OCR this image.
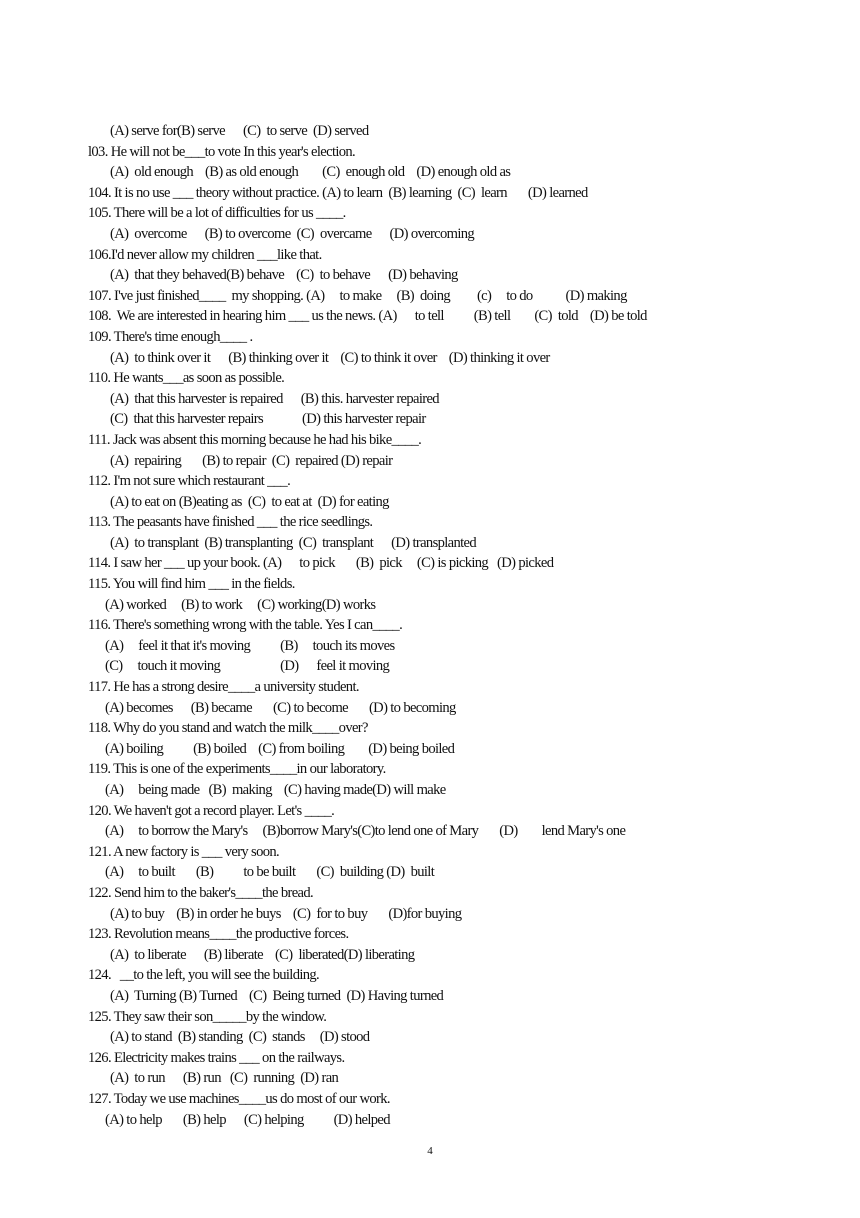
(A) serve for(B) serve      (C)  to serve  (D) served
l03. He will not be___to vote In this year's election.
(A)  old enough    (B) as old enough        (C)  enough old    (D) enough old as
104. It is no use ___ theory without practice. (A) to learn  (B) learning  (C)  learn       (D) learned
105. There will be a lot of difficulties for us ____.
(A)  overcome      (B) to overcome  (C)  overcame      (D) overcoming
106.I'd never allow my children ___like that.
(A)  that they behaved(B) behave    (C)  to behave      (D) behaving
107. I've just finished____  my shopping. (A)     to make     (B)  doing         (c)     to do           (D) making
108.  We are interested in hearing him ___ us the news. (A)      to tell          (B) tell        (C)  told    (D) be told
109. There's time enough____ .
(A)  to think over it      (B) thinking over it    (C) to think it over    (D) thinking it over
110. He wants___as soon as possible.
(A)  that this harvester is repaired      (B) this. harvester repaired
(C)  that this harvester repairs             (D) this harvester repair
111. Jack was absent this morning because he had his bike____.
(A)  repairing       (B) to repair  (C)  repaired (D) repair
112. I'm not sure which restaurant ___.
(A) to eat on (B)eating as  (C)  to eat at  (D) for eating
113. The peasants have finished ___ the rice seedlings.
(A)  to transplant  (B) transplanting  (C)  transplant      (D) transplanted
114. I saw her ___ up your book. (A)      to pick       (B)  pick     (C) is picking   (D) picked
115. You will find him ___ in the fields.
(A) worked     (B) to work     (C) working(D) works
116. There's something wrong with the table. Yes I can____.
(A)     feel it that it's moving          (B)     touch its moves
(C)     touch it moving                    (D)      feel it moving
117. He has a strong desire____a university student.
(A) becomes      (B) became       (C) to become       (D) to becoming
118. Why do you stand and watch the milk____over?
(A) boiling          (B) boiled    (C) from boiling        (D) being boiled
119. This is one of the experiments____in our laboratory.
(A)     being made   (B)  making    (C) having made(D) will make
120. We haven't got a record player. Let's ____.
(A)     to borrow the Mary's     (B)borrow Mary's(C)to lend one of Mary       (D)        lend Mary's one
121. A new factory is ___ very soon.
(A)     to built       (B)          to be built       (C)  building (D)  built
122. Send him to the baker's____the bread.
(A) to buy    (B) in order he buys    (C)  for to buy       (D)for buying
123. Revolution means____the productive forces.
(A)  to liberate      (B) liberate    (C)  liberated(D) liberating
124.   __to the left, you will see the building.
(A)  Turning (B) Turned    (C)  Being turned  (D) Having turned
125. They saw their son_____by the window.
(A) to stand  (B) standing  (C)  stands     (D) stood
126. Electricity makes trains ___ on the railways.
(A)  to run      (B) run   (C)  running  (D) ran
127. Today we use machines____us do most of our work.
(A) to help       (B) help      (C) helping          (D) helped
4
